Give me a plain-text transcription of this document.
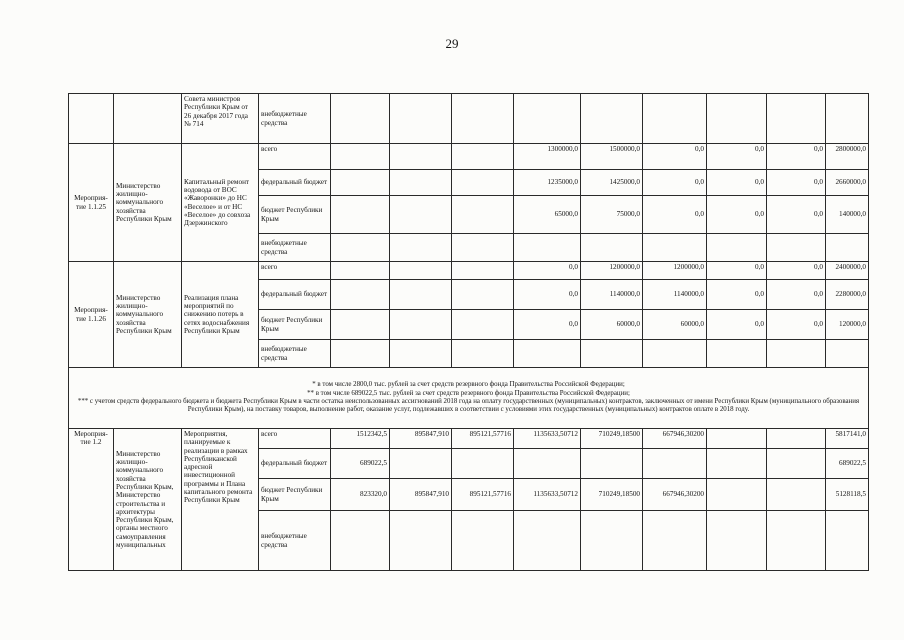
29
		Совета министров Республики Крым от 26 декабря 2017 года № 714	внебюджетные средства									
Мероприя- тие 1.1.25	Министерство жилищно- коммунального хозяйства Республики Крым	Капитальный ремонт водовода от ВОС «Жаворонки» до НС «Веселое» и от НС «Веселое» до совхоза Дзержинского	всего				1300000,0	1500000,0	0,0	0,0	0,0	2800000,0
			федеральный бюджет				1235000,0	1425000,0	0,0	0,0	0,0	2660000,0
			бюджет Республики Крым				65000,0	75000,0	0,0	0,0	0,0	140000,0
			внебюджетные средства									
Мероприя- тие 1.1.26	Министерство жилищно- коммунального хозяйства Республики Крым	Реализация плана мероприятий по снижению потерь в сетях водоснабжения Республики Крым	всего				0,0	1200000,0	1200000,0	0,0	0,0	2400000,0
			федеральный бюджет				0,0	1140000,0	1140000,0	0,0	0,0	2280000,0
			бюджет Республики Крым				0,0	60000,0	60000,0	0,0	0,0	120000,0
			внебюджетные средства									

* в том числе 2800,0 тыс. рублей за счет средств резервного фонда Правительства Российской Федерации;
** в том числе 689022,5 тыс. рублей за счет средств резервного фонда Правительства Российской Федерации;
*** с учетом средств федерального бюджета и бюджета Республики Крым в части остатка неиспользованных ассигнований 2018 года на оплату государственных (муниципальных) контрактов, заключенных от имени Республики Крым (муниципального образования Республики Крым), на поставку товаров, выполнение работ, оказание услуг, подлежавших в соответствии с условиями этих государственных (муниципальных) контрактов оплате в 2018 году.												

Мероприя- тие 1.2	Министерство жилищно- коммунального хозяйства Республики Крым, Министерство строительства и архитектуры Республики Крым, органы местного самоуправления муниципальных	Мероприятия, планируемые к реализации в рамках Республиканской адресной инвестиционной программы и Плана капитального ремонта Республики Крым	всего	1512342,5	895847,910	895121,57716	1135633,50712	710249,18500	667946,30200			5817141,0
			федеральный бюджет	689022,5								689022,5
			бюджет Республики Крым	823320,0	895847,910	895121,57716	1135633,50712	710249,18500	667946,30200			5128118,5
			внебюджетные средства									
